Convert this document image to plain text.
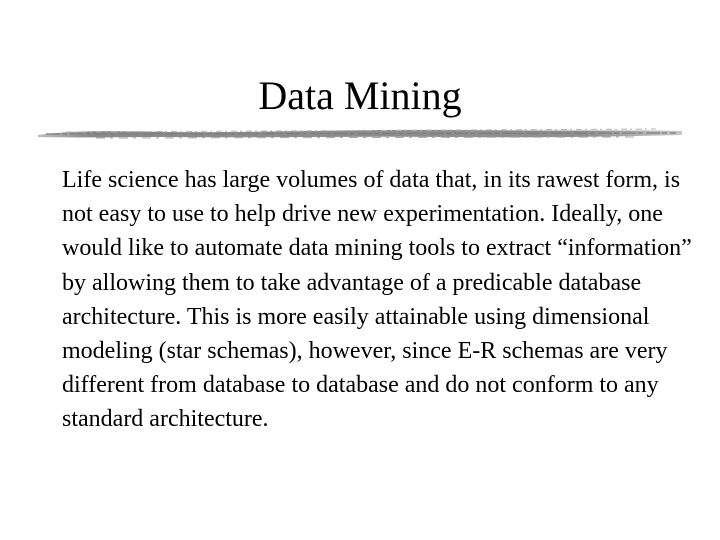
Data Mining

Life science has large volumes of data that, in its rawest form, is not easy to use to help drive new experimentation. Ideally, one would like to automate data mining tools to extract “information” by allowing them to take advantage of a predicable database architecture. This is more easily attainable using dimensional modeling (star schemas), however, since E-R schemas are very different from database to database and do not conform to any standard architecture.
